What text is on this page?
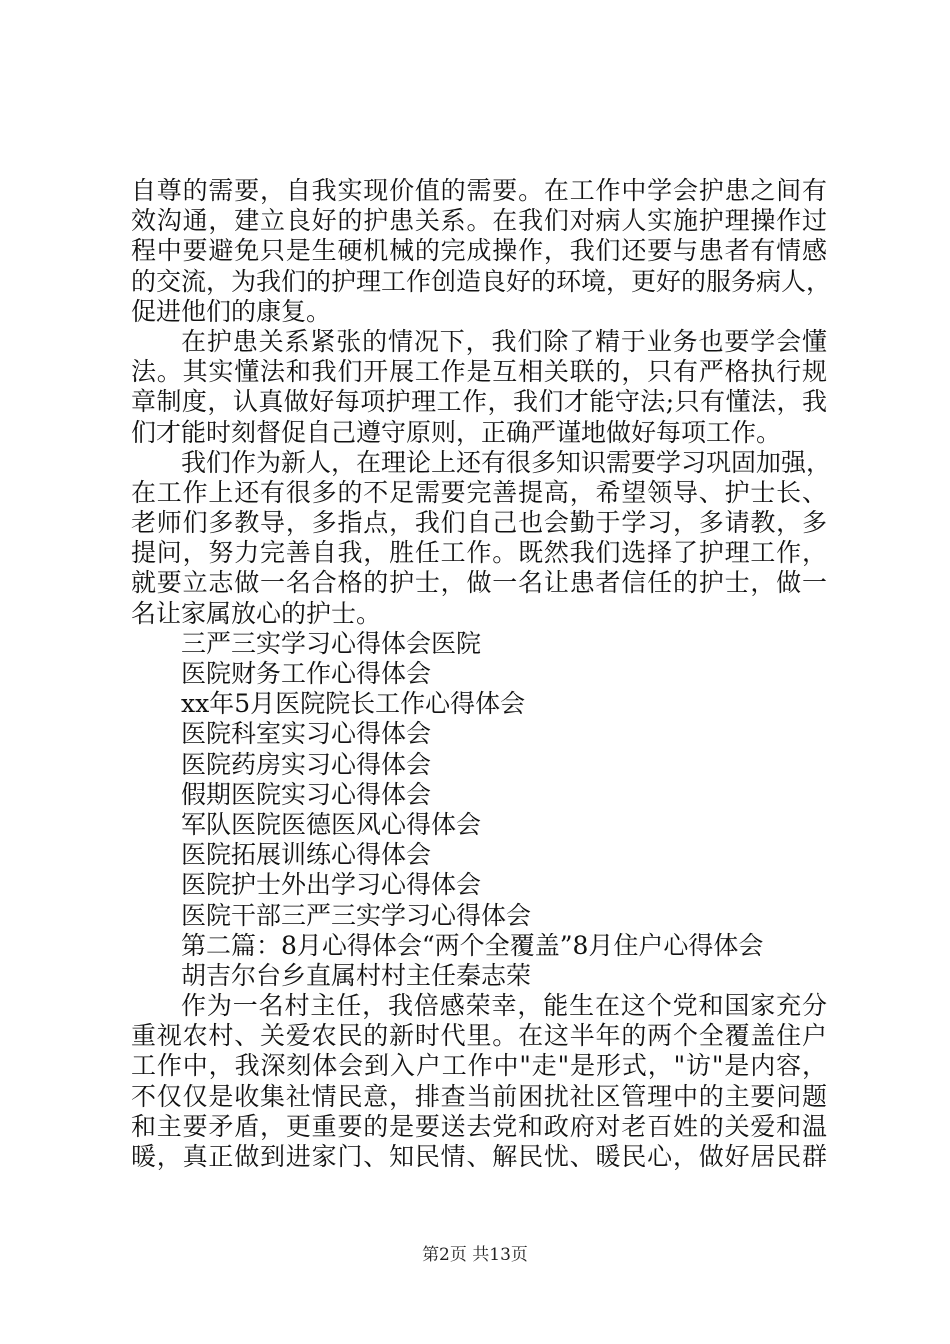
自尊的需要，自我实现价值的需要。在工作中学会护患之间有
效沟通，建立良好的护患关系。在我们对病人实施护理操作过
程中要避免只是生硬机械的完成操作，我们还要与患者有情感
的交流，为我们的护理工作创造良好的环境，更好的服务病人，
促进他们的康复。
在护患关系紧张的情况下，我们除了精于业务也要学会懂
法。其实懂法和我们开展工作是互相关联的，只有严格执行规
章制度，认真做好每项护理工作，我们才能守法;只有懂法，我
们才能时刻督促自己遵守原则，正确严谨地做好每项工作。
我们作为新人，在理论上还有很多知识需要学习巩固加强，
在工作上还有很多的不足需要完善提高，希望领导、护士长、
老师们多教导，多指点，我们自己也会勤于学习，多请教，多
提问，努力完善自我，胜任工作。既然我们选择了护理工作，
就要立志做一名合格的护士，做一名让患者信任的护士，做一
名让家属放心的护士。
三严三实学习心得体会医院
医院财务工作心得体会
xx年5月医院院长工作心得体会
医院科室实习心得体会
医院药房实习心得体会
假期医院实习心得体会
军队医院医德医风心得体会
医院拓展训练心得体会
医院护士外出学习心得体会
医院干部三严三实学习心得体会
第二篇：8月心得体会“两个全覆盖”8月住户心得体会
胡吉尔台乡直属村村主任秦志荣
作为一名村主任，我倍感荣幸，能生在这个党和国家充分
重视农村、关爱农民的新时代里。在这半年的两个全覆盖住户
工作中，我深刻体会到入户工作中"走"是形式，"访"是内容，
不仅仅是收集社情民意，排查当前困扰社区管理中的主要问题
和主要矛盾，更重要的是要送去党和政府对老百姓的关爱和温
暖，真正做到进家门、知民情、解民忧、暖民心，做好居民群
第2页 共13页
